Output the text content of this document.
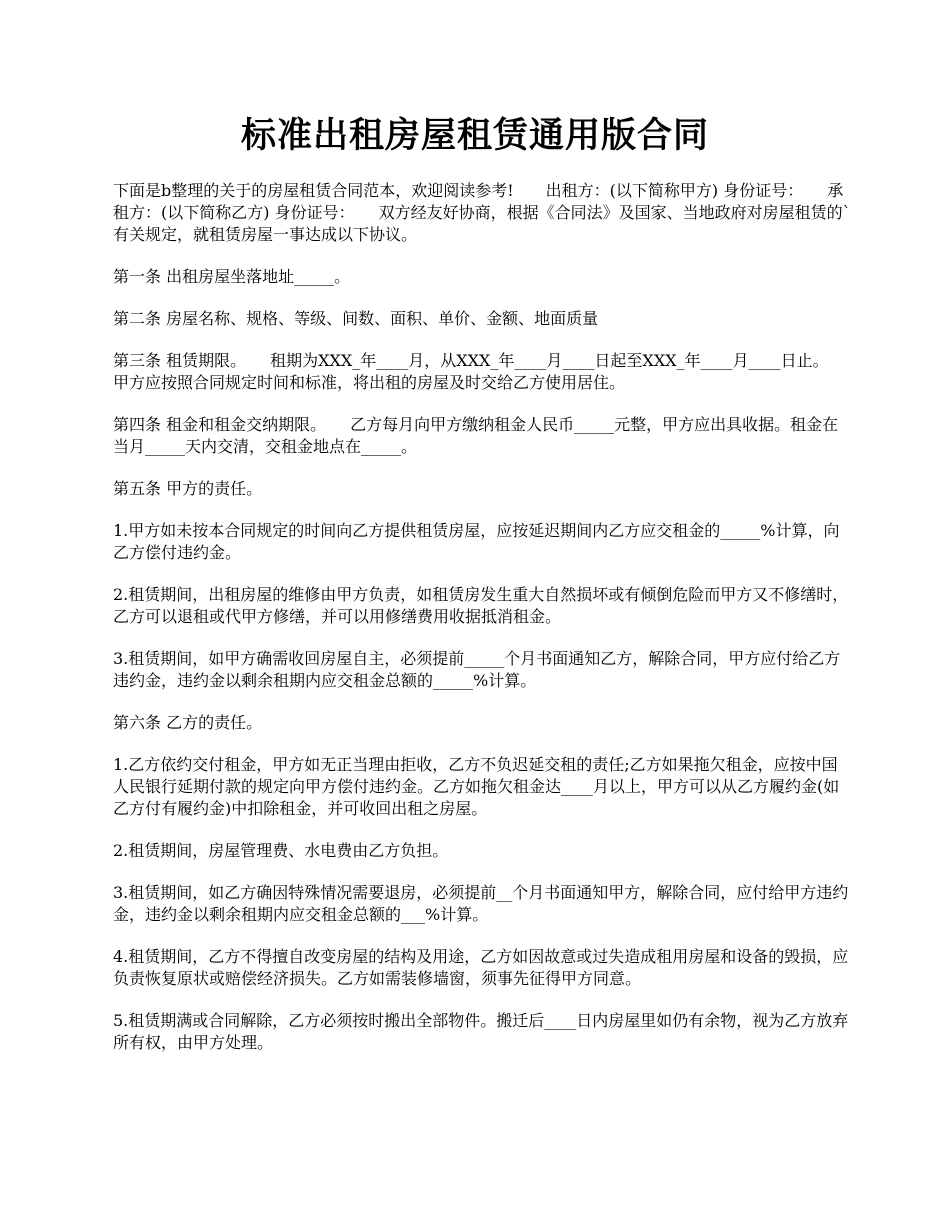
标准出租房屋租赁通用版合同

下面是b整理的关于的房屋租赁合同范本，欢迎阅读参考!　　出租方：(以下简称甲方) 身份证号：　　承租方：(以下简称乙方) 身份证号：　　双方经友好协商，根据《合同法》及国家、当地政府对房屋租赁的`有关规定，就租赁房屋一事达成以下协议。

第一条 出租房屋坐落地址_____。

第二条 房屋名称、规格、等级、间数、面积、单价、金额、地面质量

第三条 租赁期限。　　租期为XXX_年____月，从XXX_年____月____日起至XXX_年____月____日止。　　甲方应按照合同规定时间和标准，将出租的房屋及时交给乙方使用居住。

第四条 租金和租金交纳期限。　　乙方每月向甲方缴纳租金人民币_____元整，甲方应出具收据。租金在当月_____天内交清，交租金地点在_____。

第五条 甲方的责任。

1.甲方如未按本合同规定的时间向乙方提供租赁房屋，应按延迟期间内乙方应交租金的_____%计算，向乙方偿付违约金。

2.租赁期间，出租房屋的维修由甲方负责，如租赁房发生重大自然损坏或有倾倒危险而甲方又不修缮时，乙方可以退租或代甲方修缮，并可以用修缮费用收据抵消租金。

3.租赁期间，如甲方确需收回房屋自主，必须提前_____个月书面通知乙方，解除合同，甲方应付给乙方违约金，违约金以剩余租期内应交租金总额的_____%计算。

第六条 乙方的责任。

1.乙方依约交付租金，甲方如无正当理由拒收，乙方不负迟延交租的责任;乙方如果拖欠租金，应按中国人民银行延期付款的规定向甲方偿付违约金。乙方如拖欠租金达____月以上，甲方可以从乙方履约金(如乙方付有履约金)中扣除租金，并可收回出租之房屋。

2.租赁期间，房屋管理费、水电费由乙方负担。

3.租赁期间，如乙方确因特殊情况需要退房，必须提前__个月书面通知甲方，解除合同，应付给甲方违约金，违约金以剩余租期内应交租金总额的___%计算。

4.租赁期间，乙方不得擅自改变房屋的结构及用途，乙方如因故意或过失造成租用房屋和设备的毁损，应负责恢复原状或赔偿经济损失。乙方如需装修墙窗，须事先征得甲方同意。

5.租赁期满或合同解除，乙方必须按时搬出全部物件。搬迁后____日内房屋里如仍有余物，视为乙方放弃所有权，由甲方处理。
